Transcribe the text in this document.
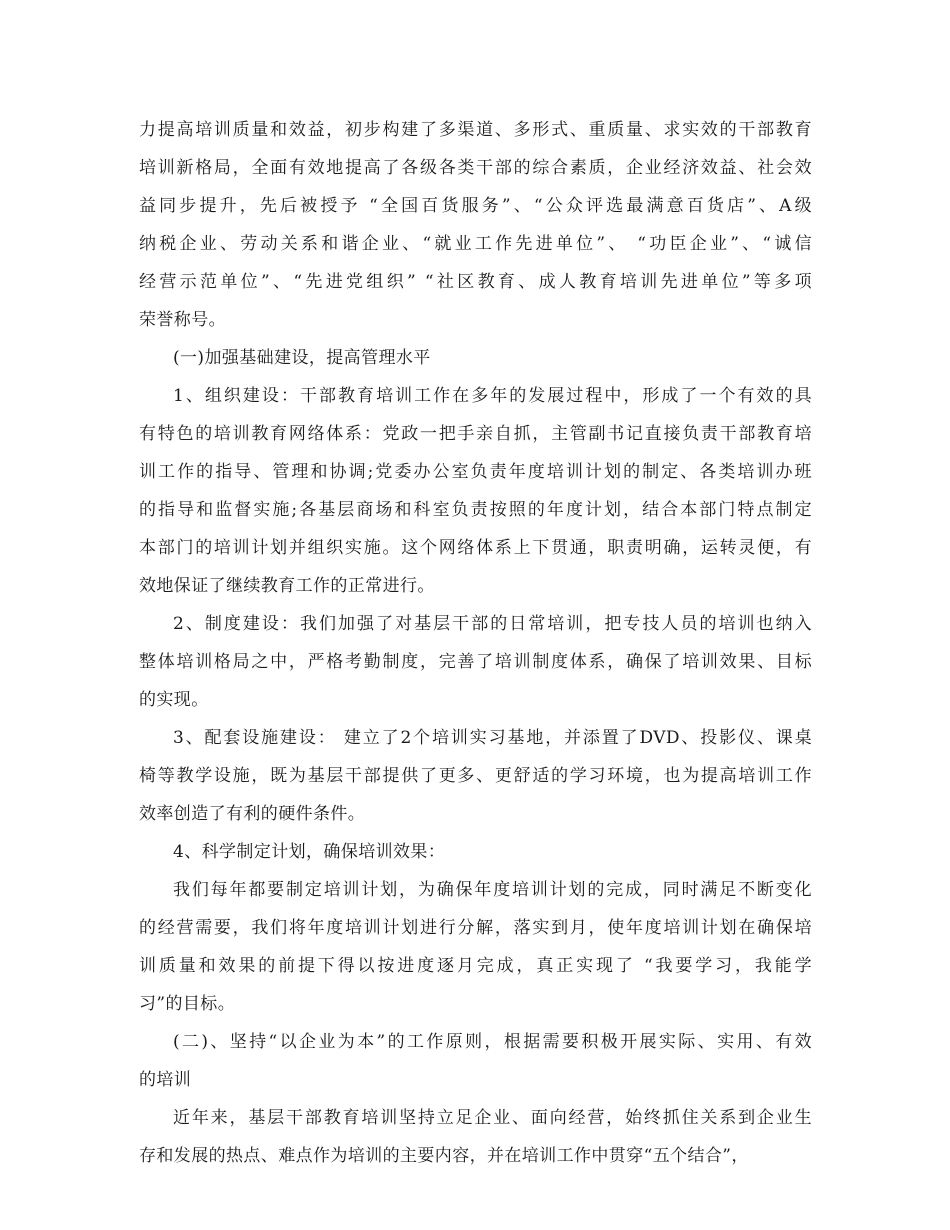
力提高培训质量和效益，初步构建了多渠道、多形式、重质量、求实效的干部教育
培训新格局，全面有效地提高了各级各类干部的综合素质，企业经济效益、社会效
益同步提升，先后被授予 “全国百货服务”、“公众评选最满意百货店”、A级
纳税企业、劳动关系和谐企业、“就业工作先进单位”、 “功臣企业”、“诚信
经营示范单位”、“先进党组织” “社区教育、成人教育培训先进单位”等多项
荣誉称号。
(一)加强基础建设，提高管理水平
1、组织建设：干部教育培训工作在多年的发展过程中，形成了一个有效的具
有特色的培训教育网络体系：党政一把手亲自抓，主管副书记直接负责干部教育培
训工作的指导、管理和协调;党委办公室负责年度培训计划的制定、各类培训办班
的指导和监督实施;各基层商场和科室负责按照的年度计划，结合本部门特点制定
本部门的培训计划并组织实施。这个网络体系上下贯通，职责明确，运转灵便，有
效地保证了继续教育工作的正常进行。
2、制度建设：我们加强了对基层干部的日常培训，把专技人员的培训也纳入
整体培训格局之中，严格考勤制度，完善了培训制度体系，确保了培训效果、目标
的实现。
3、配套设施建设： 建立了2个培训实习基地，并添置了DVD、投影仪、课桌
椅等教学设施，既为基层干部提供了更多、更舒适的学习环境，也为提高培训工作
效率创造了有利的硬件条件。
4、科学制定计划，确保培训效果：
我们每年都要制定培训计划，为确保年度培训计划的完成，同时满足不断变化
的经营需要，我们将年度培训计划进行分解，落实到月，使年度培训计划在确保培
训质量和效果的前提下得以按进度逐月完成，真正实现了 “我要学习，我能学
习”的目标。
(二)、坚持“以企业为本”的工作原则，根据需要积极开展实际、实用、有效
的培训
近年来，基层干部教育培训坚持立足企业、面向经营，始终抓住关系到企业生
存和发展的热点、难点作为培训的主要内容，并在培训工作中贯穿“五个结合”，
